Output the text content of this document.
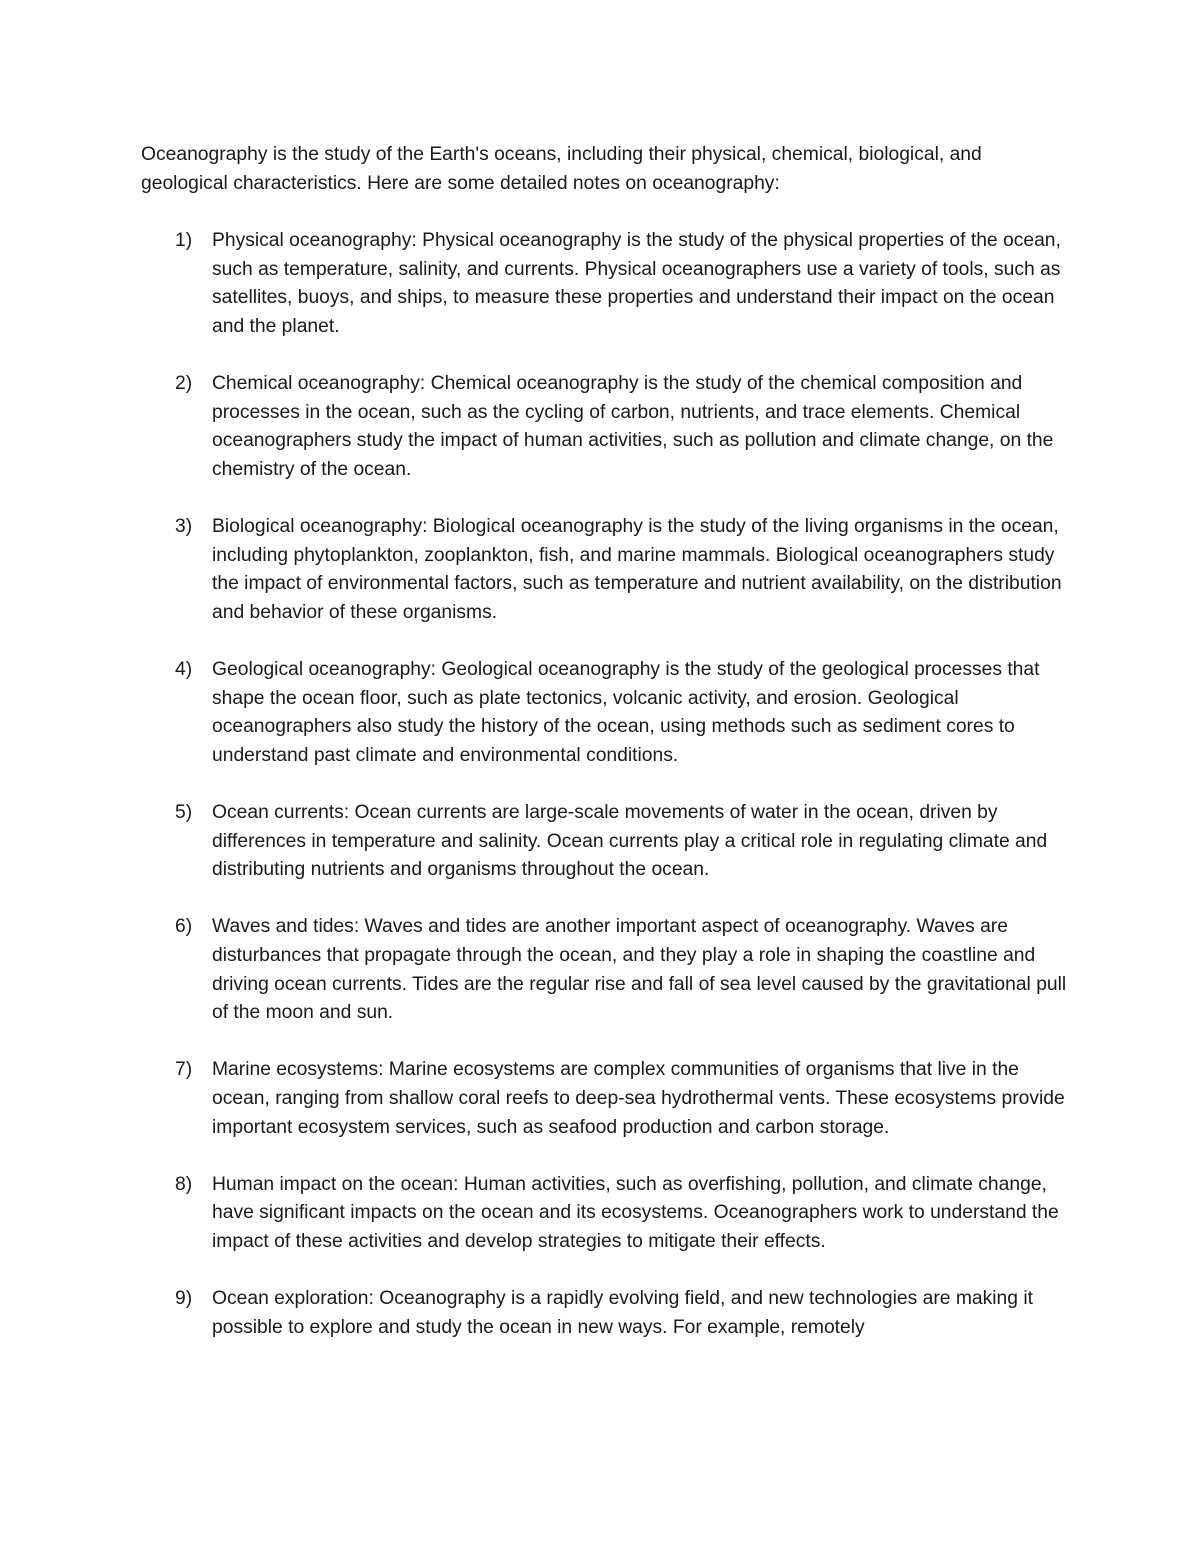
Oceanography is the study of the Earth's oceans, including their physical, chemical, biological, and geological characteristics. Here are some detailed notes on oceanography:

1) Physical oceanography: Physical oceanography is the study of the physical properties of the ocean, such as temperature, salinity, and currents. Physical oceanographers use a variety of tools, such as satellites, buoys, and ships, to measure these properties and understand their impact on the ocean and the planet.
2) Chemical oceanography: Chemical oceanography is the study of the chemical composition and processes in the ocean, such as the cycling of carbon, nutrients, and trace elements. Chemical oceanographers study the impact of human activities, such as pollution and climate change, on the chemistry of the ocean.
3) Biological oceanography: Biological oceanography is the study of the living organisms in the ocean, including phytoplankton, zooplankton, fish, and marine mammals. Biological oceanographers study the impact of environmental factors, such as temperature and nutrient availability, on the distribution and behavior of these organisms.
4) Geological oceanography: Geological oceanography is the study of the geological processes that shape the ocean floor, such as plate tectonics, volcanic activity, and erosion. Geological oceanographers also study the history of the ocean, using methods such as sediment cores to understand past climate and environmental conditions.
5) Ocean currents: Ocean currents are large-scale movements of water in the ocean, driven by differences in temperature and salinity. Ocean currents play a critical role in regulating climate and distributing nutrients and organisms throughout the ocean.
6) Waves and tides: Waves and tides are another important aspect of oceanography. Waves are disturbances that propagate through the ocean, and they play a role in shaping the coastline and driving ocean currents. Tides are the regular rise and fall of sea level caused by the gravitational pull of the moon and sun.
7) Marine ecosystems: Marine ecosystems are complex communities of organisms that live in the ocean, ranging from shallow coral reefs to deep-sea hydrothermal vents. These ecosystems provide important ecosystem services, such as seafood production and carbon storage.
8) Human impact on the ocean: Human activities, such as overfishing, pollution, and climate change, have significant impacts on the ocean and its ecosystems. Oceanographers work to understand the impact of these activities and develop strategies to mitigate their effects.
9) Ocean exploration: Oceanography is a rapidly evolving field, and new technologies are making it possible to explore and study the ocean in new ways. For example, remotely
